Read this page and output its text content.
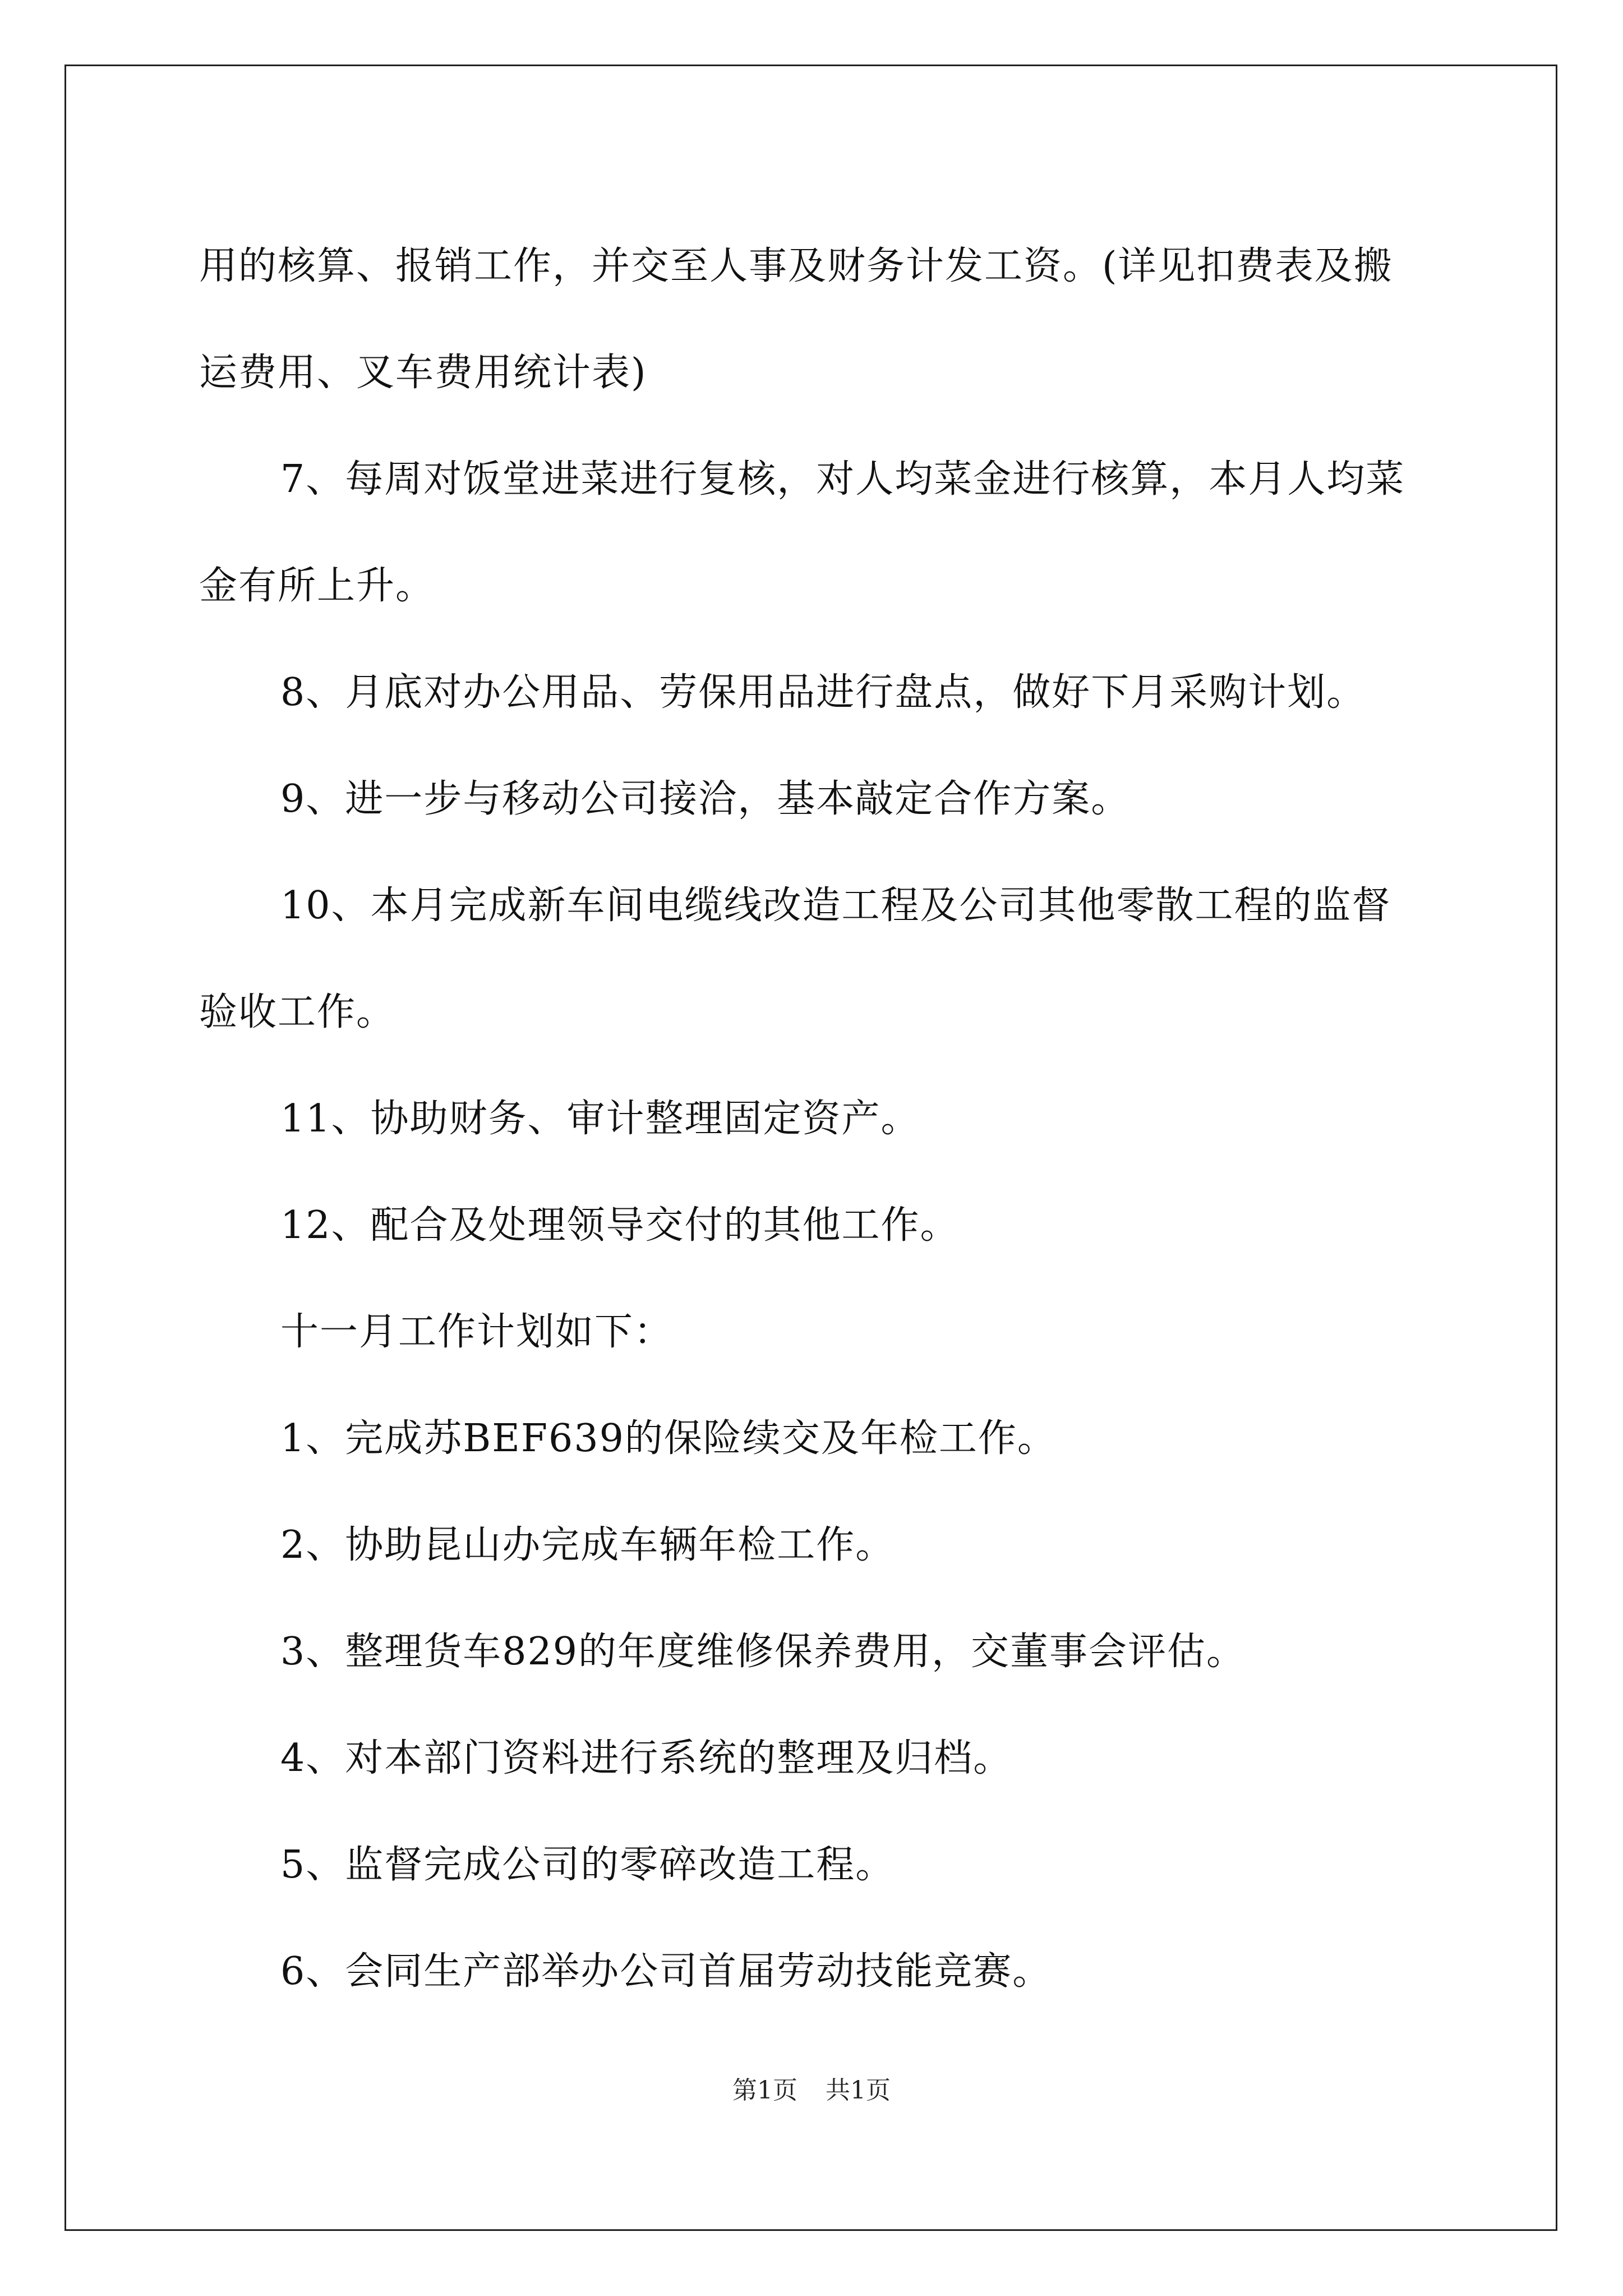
用的核算、报销工作，并交至人事及财务计发工资。(详见扣费表及搬运费用、叉车费用统计表)

7、每周对饭堂进菜进行复核，对人均菜金进行核算，本月人均菜金有所上升。

8、月底对办公用品、劳保用品进行盘点，做好下月采购计划。

9、进一步与移动公司接洽，基本敲定合作方案。

10、本月完成新车间电缆线改造工程及公司其他零散工程的监督验收工作。

11、协助财务、审计整理固定资产。

12、配合及处理领导交付的其他工作。

十一月工作计划如下：

1、完成苏BEF639的保险续交及年检工作。

2、协助昆山办完成车辆年检工作。

3、整理货车829的年度维修保养费用，交董事会评估。

4、对本部门资料进行系统的整理及归档。

5、监督完成公司的零碎改造工程。

6、会同生产部举办公司首届劳动技能竞赛。

第1页 共1页
